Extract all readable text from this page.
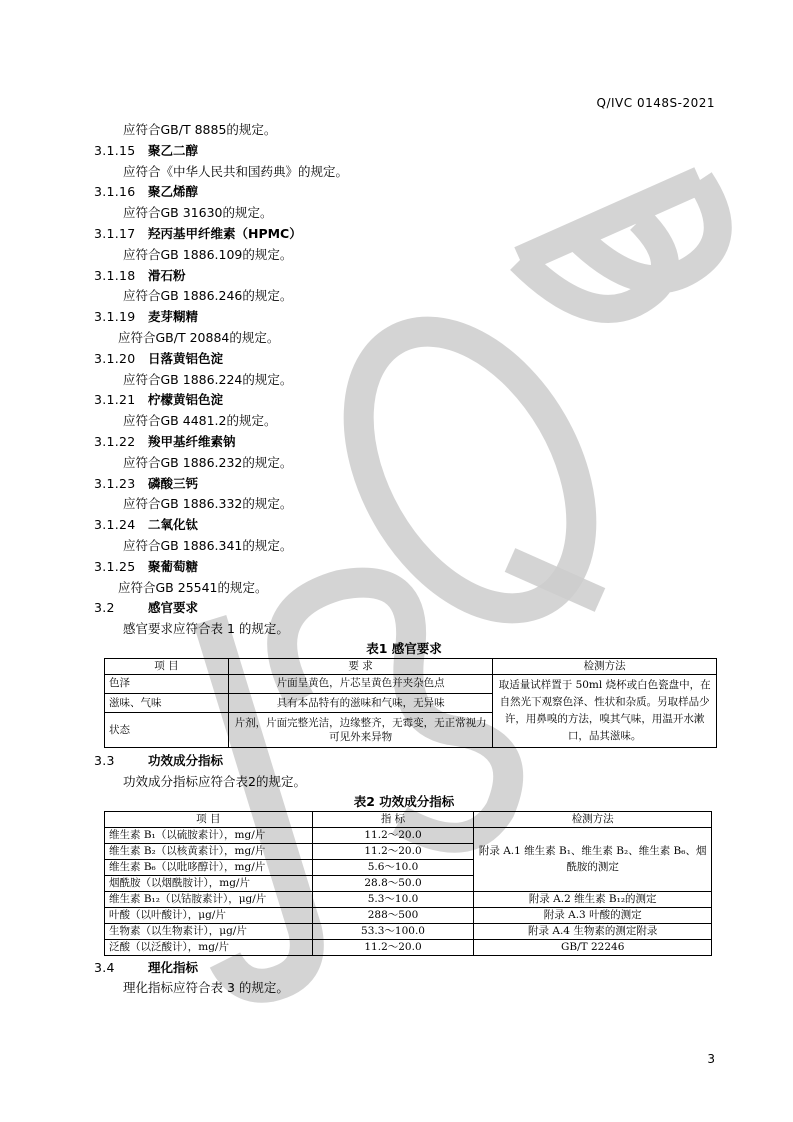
Q/IVC 0148S-2021
应符合GB/T 8885的规定。
3.1.15 聚乙二醇
应符合《中华人民共和国药典》的规定。
3.1.16 聚乙烯醇
应符合GB 31630的规定。
3.1.17 羟丙基甲纤维素（HPMC）
应符合GB 1886.109的规定。
3.1.18 滑石粉
应符合GB 1886.246的规定。
3.1.19 麦芽糊精
应符合GB/T 20884的规定。
3.1.20 日落黄铝色淀
应符合GB 1886.224的规定。
3.1.21 柠檬黄铝色淀
应符合GB 4481.2的规定。
3.1.22 羧甲基纤维素钠
应符合GB 1886.232的规定。
3.1.23 磷酸三钙
应符合GB 1886.332的规定。
3.1.24 二氧化钛
应符合GB 1886.341的规定。
3.1.25 聚葡萄糖
应符合GB 25541的规定。
3.2	感官要求
感官要求应符合表 1 的规定。
表1 感官要求
项 目	要 求	检测方法
色泽	片面呈黄色，片芯呈黄色并夹杂色点	取适量试样置于 50ml 烧杯或白色瓷盘中，在自然光下观察色泽、性状和杂质。另取样品少许，用鼻嗅的方法，嗅其气味，用温开水漱口，品其滋味。
滋味、气味	具有本品特有的滋味和气味，无异味	
状态	片剂，片面完整光洁，边缘整齐，无霉变，无正常视力可见外来异物	
3.3	功效成分指标
功效成分指标应符合表2的规定。
表2 功效成分指标
项 目	指 标	检测方法
维生素 B₁（以硫胺素计），mg/片	11.2～20.0	附录 A.1 维生素 B₁、维生素 B₂、维生素 B₆、烟酰胺的测定
维生素 B₂（以核黄素计），mg/片	11.2～20.0	
维生素 B₆（以吡哆醇计），mg/片	5.6～10.0	
烟酰胺（以烟酰胺计），mg/片	28.8～50.0	
维生素 B₁₂（以钴胺素计），μg/片	5.3～10.0	附录 A.2 维生素 B₁₂的测定
叶酸（以叶酸计），μg/片	288～500	附录 A.3 叶酸的测定
生物素（以生物素计），μg/片	53.3～100.0	附录 A.4 生物素的测定附录
泛酸（以泛酸计），mg/片	11.2～20.0	GB/T 22246
3.4	理化指标
理化指标应符合表 3 的规定。
3
